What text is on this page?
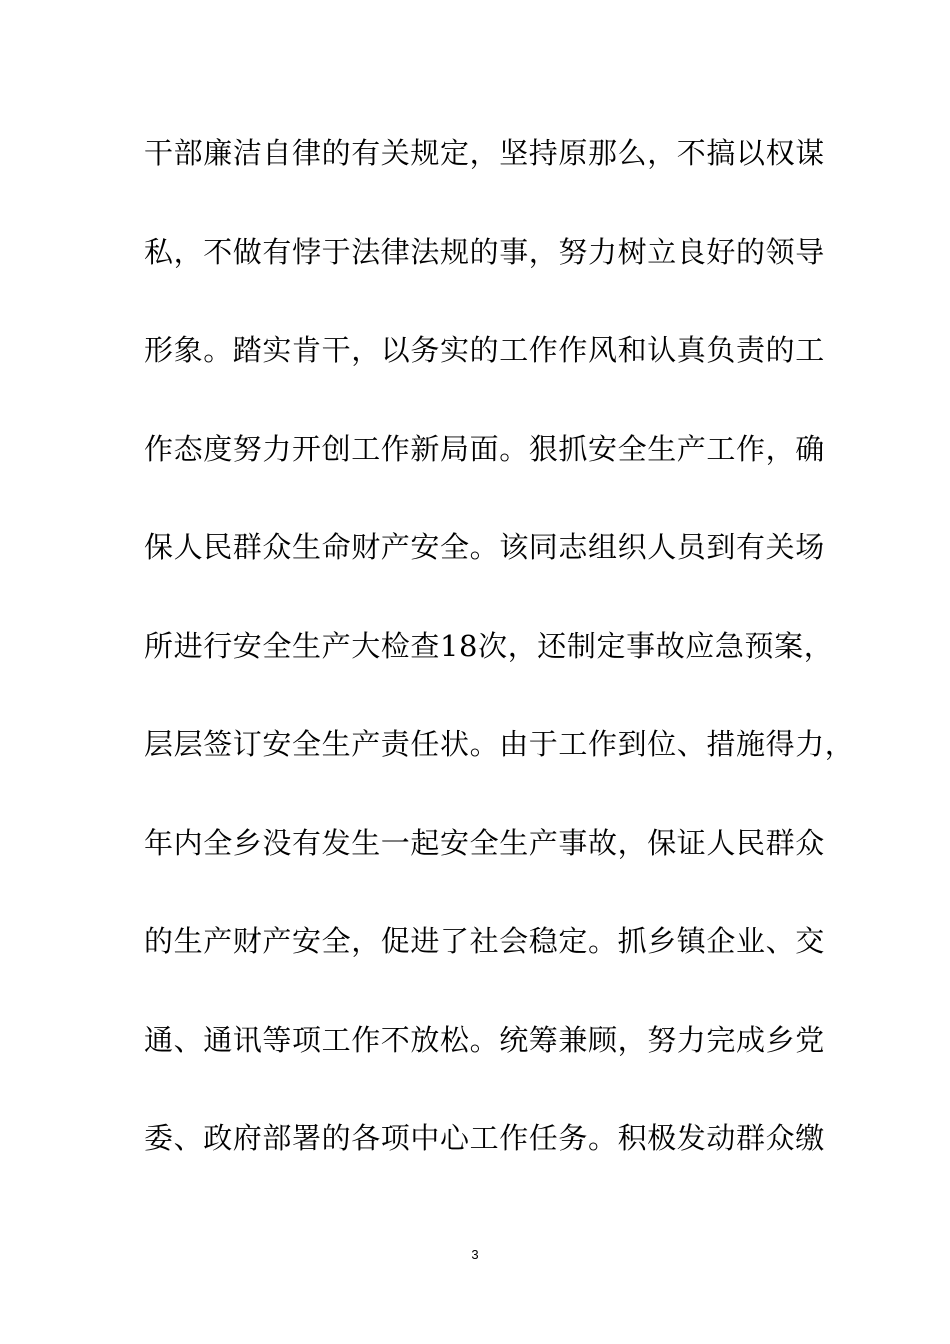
干部廉洁自律的有关规定，坚持原那么，不搞以权谋
私，不做有悖于法律法规的事，努力树立良好的领导
形象。踏实肯干，以务实的工作作风和认真负责的工
作态度努力开创工作新局面。狠抓安全生产工作，确
保人民群众生命财产安全。该同志组织人员到有关场
所进行安全生产大检查18次，还制定事故应急预案，
层层签订安全生产责任状。由于工作到位、措施得力，
年内全乡没有发生一起安全生产事故，保证人民群众
的生产财产安全，促进了社会稳定。抓乡镇企业、交
通、通讯等项工作不放松。统筹兼顾，努力完成乡党
委、政府部署的各项中心工作任务。积极发动群众缴
3
